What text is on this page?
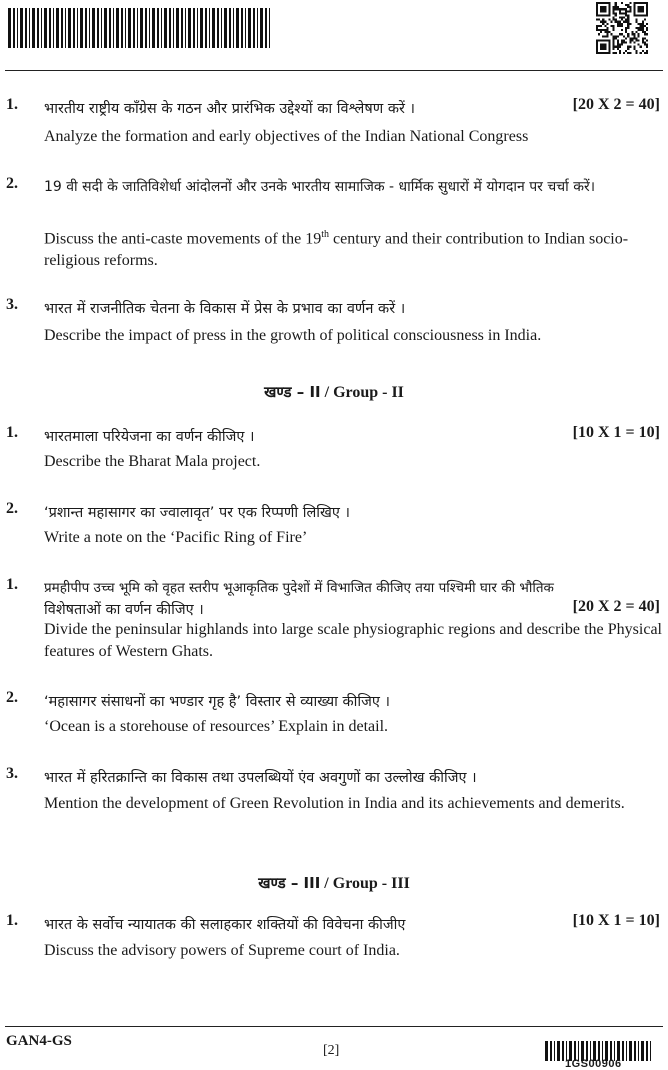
1. भारतीय राष्ट्रीय काँग्रेस के गठन और प्रारंभिक उद्देश्यों का विश्लेषण करें ।	[20 X 2 = 40]
Analyze the formation and early objectives of the Indian National Congress
2. 19 वी सदी के जातिविशेर्धा आंदोलनों और उनके भारतीय सामाजिक - धार्मिक सुधारों में योगदान पर चर्चा करें।
Discuss the anti-caste movements of the 19th century and their contribution to Indian socio-religious reforms.
3. भारत में राजनीतिक चेतना के विकास में प्रेस के प्रभाव का वर्णन करें ।
Describe the impact of press in the growth of political consciousness in India.
खण्ड – II / Group - II
1. भारतमाला परियेजना का वर्णन कीजिए ।	[10 X 1 = 10]
Describe the Bharat Mala project.
2. ‘प्रशान्त महासागर का ज्वालावृत’ पर एक रिप्पणी लिखिए ।
Write a note on the ‘Pacific Ring of Fire’
1. प्रमहीपीप उच्च भूमि को वृहत स्तरीप भूआकृतिक पुदेशों में विभाजित कीजिए तया पश्चिमी घार की भौतिक
विशेषताओं का वर्णन कीजिए ।	[20 X 2 = 40]
Divide the peninsular highlands into large scale physiographic regions and describe the Physical features of Western Ghats.
2. ‘महासागर संसाधनों का भण्डार गृह है’ विस्तार से व्याख्या कीजिए ।
‘Ocean is a storehouse of resources’ Explain in detail.
3. भारत में हरितक्रान्ति का विकास तथा उपलब्धियों एंव अवगुणों का उल्लोख कीजिए ।
Mention the development of Green Revolution in India and its achievements and demerits.
खण्ड – III / Group - III
1. भारत के सर्वोच न्यायातक की सलाहकार शक्तियों की विवेचना कीजीए	[10 X 1 = 10]
Discuss the advisory powers of Supreme court of India.
GAN4-GS
[2]
1GS00906
